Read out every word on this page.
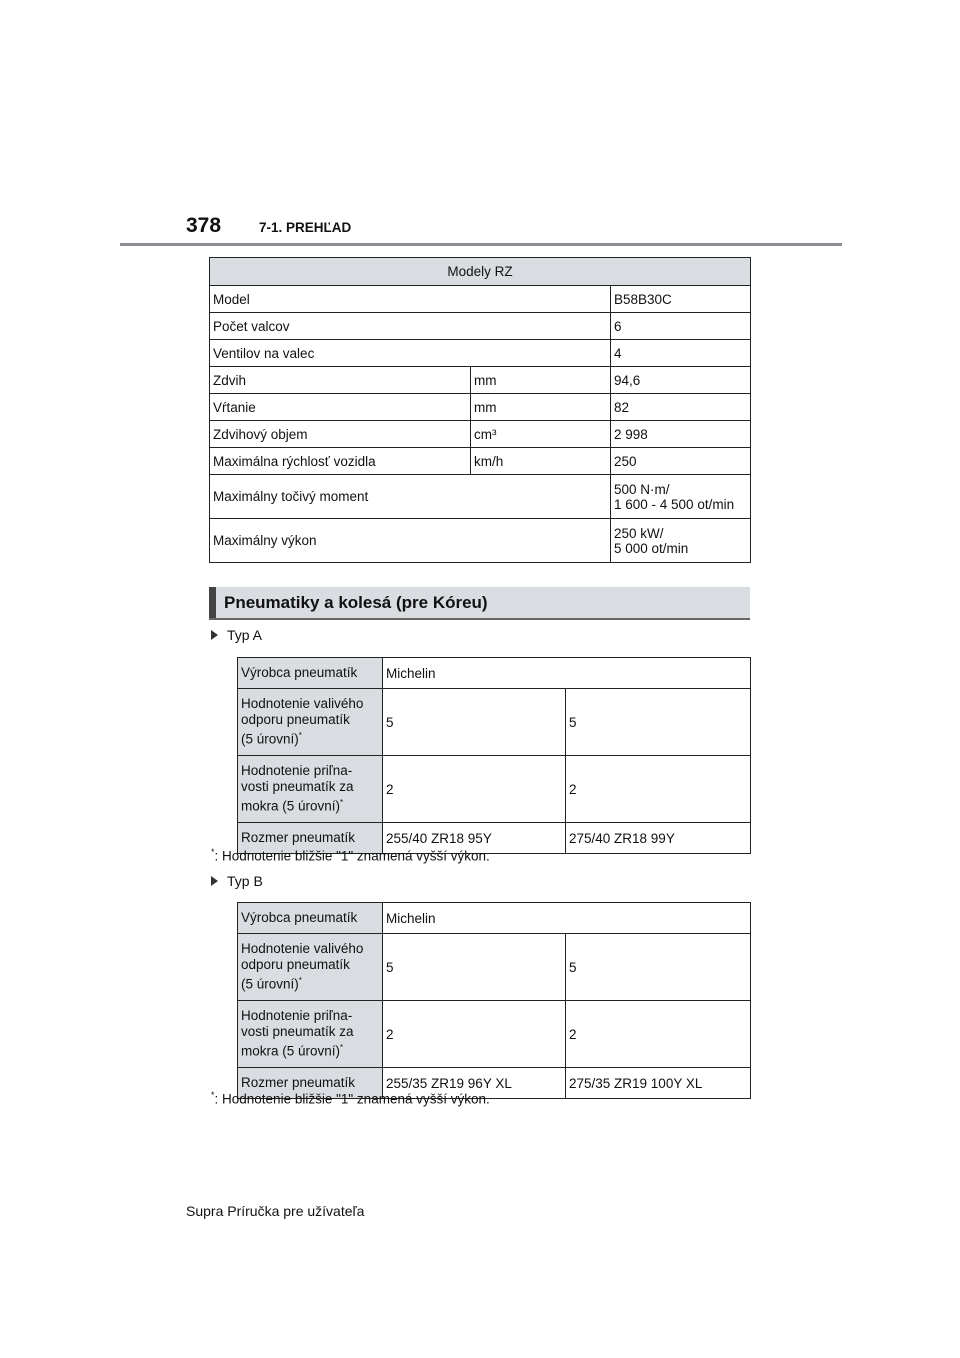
378	7-1. PREHĽAD
Modely RZ		
Model		B58B30C
Počet valcov		6
Ventilov na valec		4
Zdvih	mm	94,6
Vŕtanie	mm	82
Zdvihový objem	cm³	2 998
Maximálna rýchlosť vozidla	km/h	250
Maximálny točivý moment		500 N·m/
1 600 - 4 500 ot/min
Maximálny výkon		250 kW/
5 000 ot/min
Pneumatiky a kolesá (pre Kóreu)
Typ A
Výrobca pneumatík	Michelin	
Hodnotenie valivého
odporu pneumatík
(5 úrovní)*	5	5
Hodnotenie priľna-
vosti pneumatík za
mokra (5 úrovní)*	2	2
Rozmer pneumatík	255/40 ZR18 95Y	275/40 ZR18 99Y
*: Hodnotenie bližšie "1" znamená vyšší výkon.
Typ B
Výrobca pneumatík	Michelin	
Hodnotenie valivého
odporu pneumatík
(5 úrovní)*	5	5
Hodnotenie priľna-
vosti pneumatík za
mokra (5 úrovní)*	2	2
Rozmer pneumatík	255/35 ZR19 96Y XL	275/35 ZR19 100Y XL
*: Hodnotenie bližšie "1" znamená vyšší výkon.
Supra Príručka pre užívateľa
